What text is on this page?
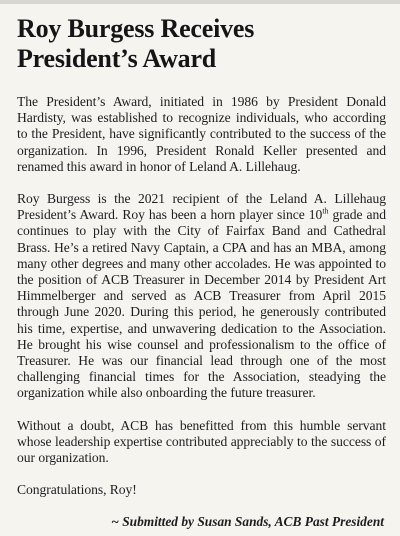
Roy Burgess Receives
President’s Award

The President’s Award, initiated in 1986 by President Donald Hardisty, was established to recognize individuals, who according to the President, have significantly contributed to the success of the organization. In 1996, President Ronald Keller presented and renamed this award in honor of Leland A. Lillehaug.

Roy Burgess is the 2021 recipient of the Leland A. Lillehaug President’s Award. Roy has been a horn player since 10th grade and continues to play with the City of Fairfax Band and Cathedral Brass. He’s a retired Navy Captain, a CPA and has an MBA, among many other degrees and many other accolades. He was appointed to the position of ACB Treasurer in December 2014 by President Art Himmelberger and served as ACB Treasurer from April 2015 through June 2020. During this period, he generously contributed his time, expertise, and unwavering dedication to the Association. He brought his wise counsel and professionalism to the office of Treasurer. He was our financial lead through one of the most challenging financial times for the Association, steadying the organization while also onboarding the future treasurer.

Without a doubt, ACB has benefitted from this humble servant whose leadership expertise contributed appreciably to the success of our organization.

Congratulations, Roy!

~ Submitted by Susan Sands, ACB Past President
